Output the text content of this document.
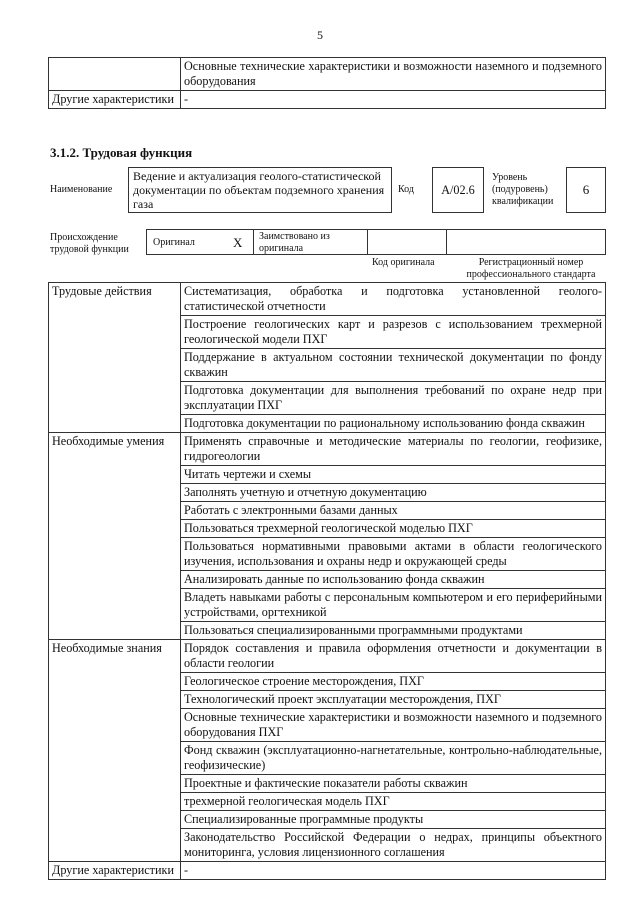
5
	Основные технические характеристики и возможности наземного и подземного оборудования
Другие характеристики	-
3.1.2. Трудовая функция
Наименование
Ведение и актуализация геолого-статистической документации по объектам подземного хранения газа
Код	A/02.6
Уровень (подуровень) квалификации
6
Происхождение трудовой функции
Оригинал	X Заимствовано из оригинала
Код оригинала	Регистрационный номер профессионального стандарта
Трудовые действия	Систематизация, обработка и подготовка установленной геолого-статистической отчетности
	Построение геологических карт и разрезов с использованием трехмерной геологической модели ПХГ
	Поддержание в актуальном состоянии технической документации по фонду скважин
	Подготовка документации для выполнения требований по охране недр при эксплуатации ПХГ
	Подготовка документации по рациональному использованию фонда скважин
Необходимые умения	Применять справочные и методические материалы по геологии, геофизике, гидрогеологии
	Читать чертежи и схемы
	Заполнять учетную и отчетную документацию
	Работать с электронными базами данных
	Пользоваться трехмерной геологической моделью ПХГ
	Пользоваться нормативными правовыми актами в области геологического изучения, использования и охраны недр и окружающей среды
	Анализировать данные по использованию фонда скважин
	Владеть навыками работы с персональным компьютером и его периферийными устройствами, оргтехникой
	Пользоваться специализированными программными продуктами
Необходимые знания	Порядок составления и правила оформления отчетности и документации в области геологии
	Геологическое строение месторождения, ПХГ
	Технологический проект эксплуатации месторождения, ПХГ
	Основные технические характеристики и возможности наземного и подземного оборудования ПХГ
	Фонд скважин (эксплуатационно-нагнетательные, контрольно-наблюдательные, геофизические)
	Проектные и фактические показатели работы скважин
	трехмерной геологическая модель ПХГ
	Специализированные программные продукты
	Законодательство Российской Федерации о недрах, принципы объектного мониторинга, условия лицензионного соглашения
Другие характеристики	-
